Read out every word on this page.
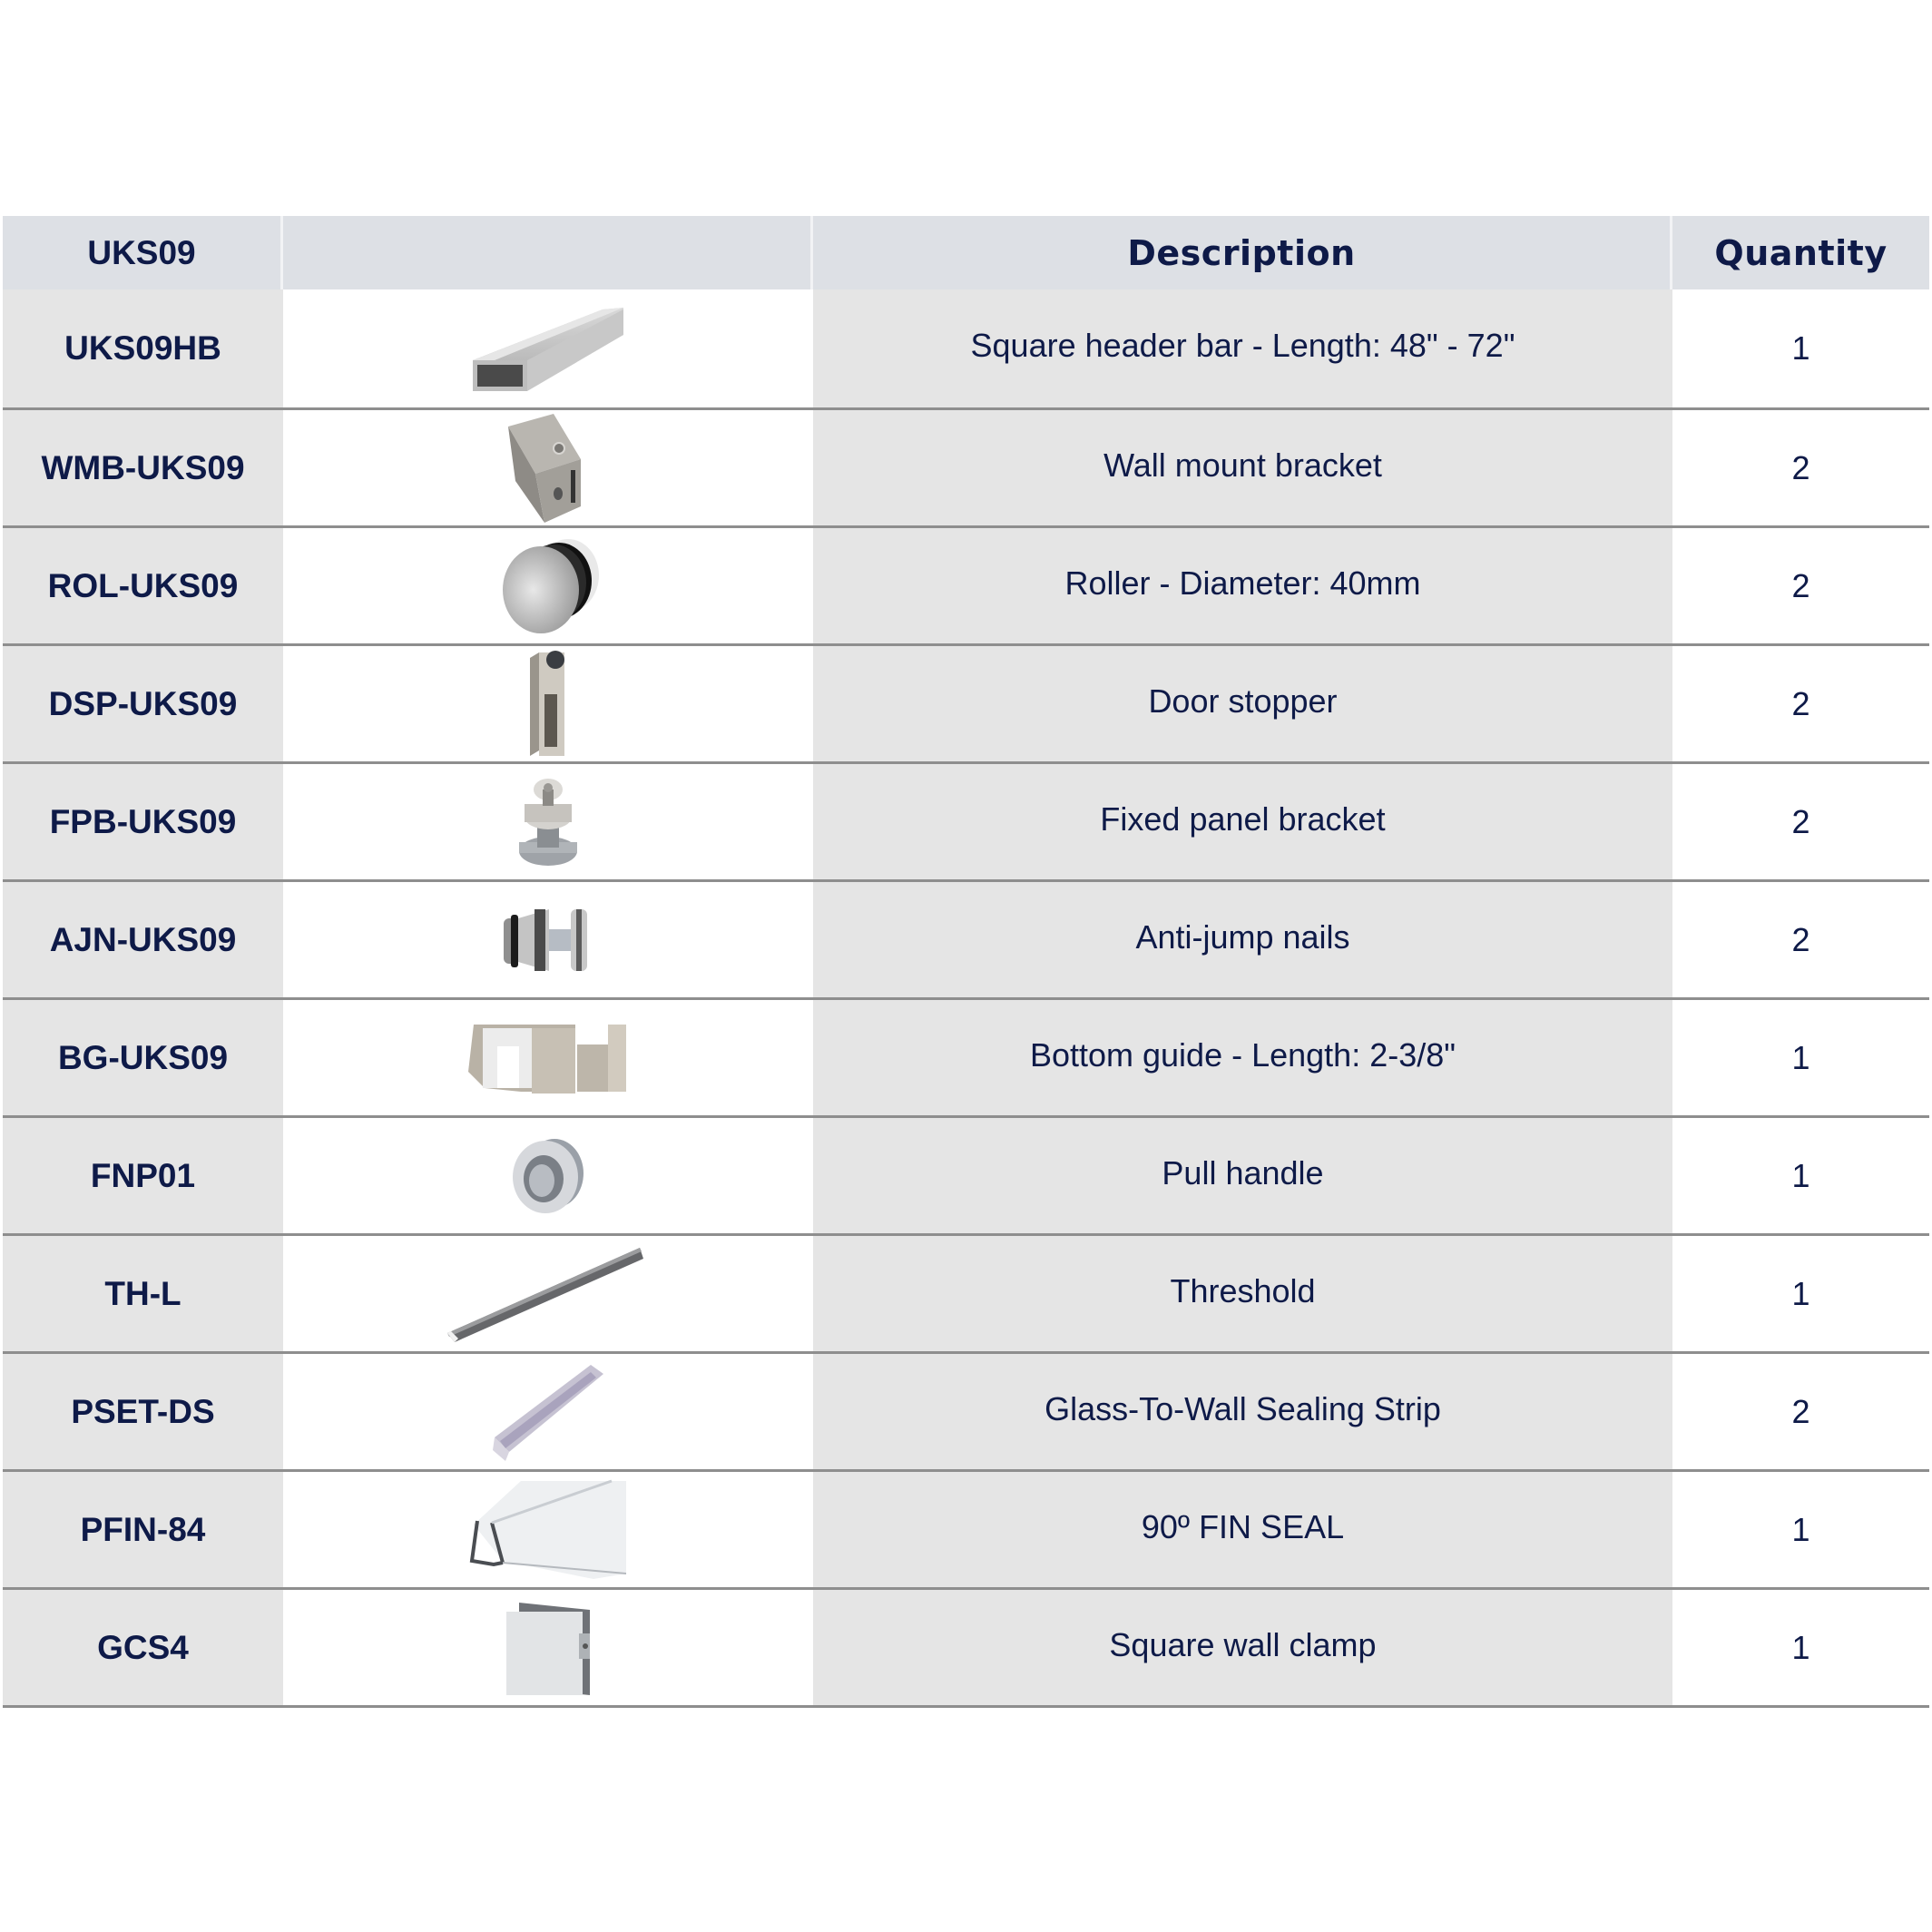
UKS09	Description	Quantity
UKS09HB	Square header bar - Length: 48" - 72"	1
WMB-UKS09	Wall mount bracket	2
ROL-UKS09	Roller - Diameter: 40mm	2
DSP-UKS09	Door stopper	2
FPB-UKS09	Fixed panel bracket	2
AJN-UKS09	Anti-jump nails	2
BG-UKS09	Bottom guide - Length: 2-3/8"	1
FNP01	Pull handle	1
TH-L	Threshold	1
PSET-DS	Glass-To-Wall Sealing Strip	2
PFIN-84	90º FIN SEAL	1
GCS4	Square wall clamp	1
